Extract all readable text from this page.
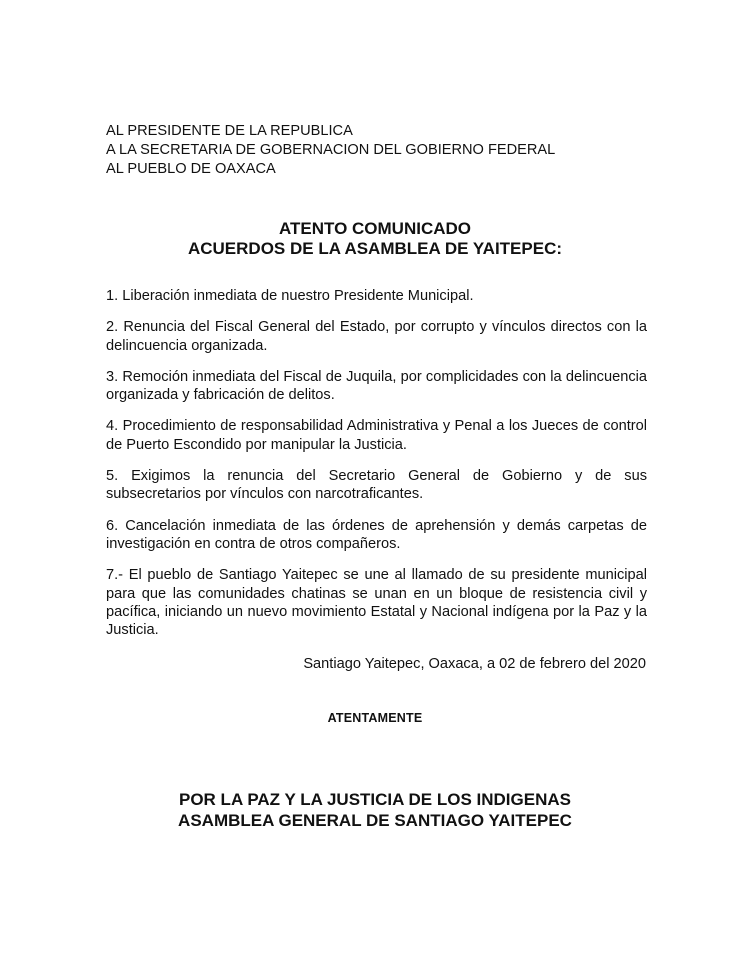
AL PRESIDENTE DE LA REPUBLICA
A LA SECRETARIA DE GOBERNACION DEL GOBIERNO FEDERAL
AL PUEBLO DE OAXACA
ATENTO COMUNICADO
ACUERDOS DE LA ASAMBLEA DE YAITEPEC:

1. Liberación inmediata de nuestro Presidente Municipal.

2. Renuncia del Fiscal General del Estado, por corrupto y vínculos directos con la delincuencia organizada.

3. Remoción inmediata del Fiscal de Juquila, por complicidades con la delincuencia organizada y fabricación de delitos.

4. Procedimiento de responsabilidad Administrativa y Penal a los Jueces de control de Puerto Escondido por manipular la Justicia.

5. Exigimos la renuncia del Secretario General de Gobierno y de sus subsecretarios por vínculos con narcotraficantes.

6. Cancelación inmediata de las órdenes de aprehensión y demás carpetas de investigación en contra de otros compañeros.

7.- El pueblo de Santiago Yaitepec se une al llamado de su presidente municipal para que las comunidades chatinas se unan en un bloque de resistencia civil y pacífica, iniciando un nuevo movimiento Estatal y Nacional indígena por la Paz y la Justicia.

Santiago Yaitepec, Oaxaca, a 02 de febrero del 2020
ATENTAMENTE
POR LA PAZ Y LA JUSTICIA DE LOS INDIGENAS
ASAMBLEA GENERAL DE SANTIAGO YAITEPEC
